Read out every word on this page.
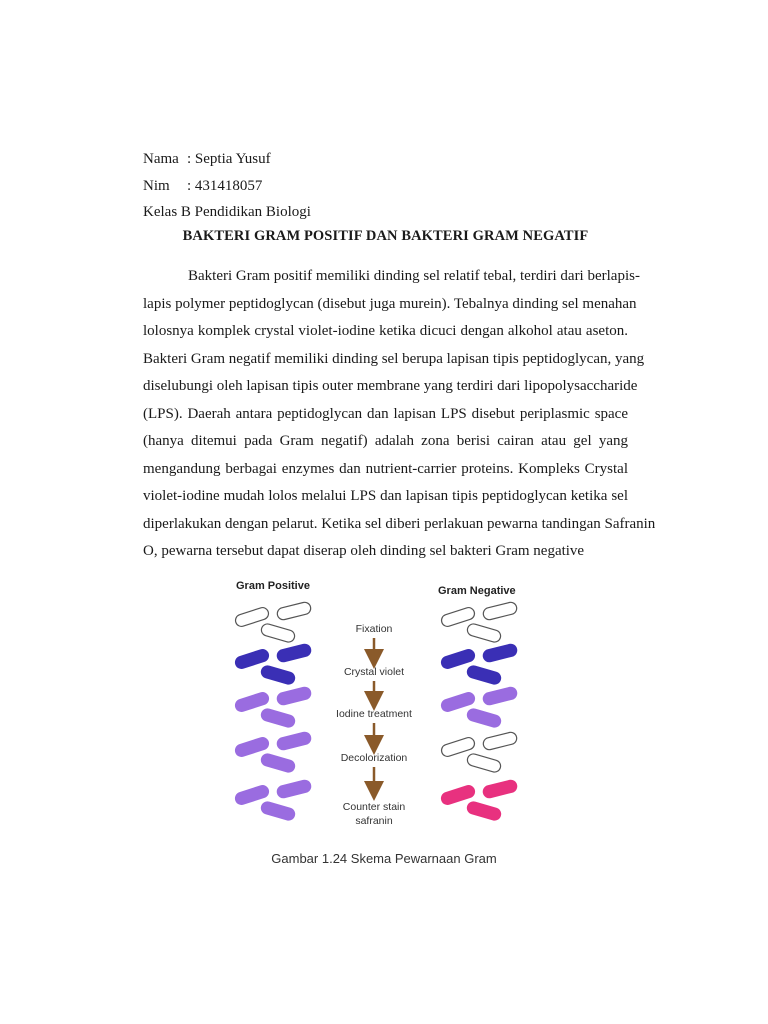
Nama : Septia Yusuf
Nim	: 431418057
Kelas B Pendidikan Biologi
BAKTERI GRAM POSITIF DAN BAKTERI GRAM NEGATIF
Bakteri Gram positif memiliki dinding sel relatif tebal, terdiri dari berlapis-
lapis polymer peptidoglycan (disebut juga murein). Tebalnya dinding sel menahan
lolosnya komplek crystal violet-iodine ketika dicuci dengan alkohol atau aseton.
Bakteri Gram negatif memiliki dinding sel berupa lapisan tipis peptidoglycan, yang
diselubungi oleh lapisan tipis outer membrane yang terdiri dari lipopolysaccharide
(LPS). Daerah antara peptidoglycan dan lapisan LPS disebut periplasmic space
(hanya ditemui pada Gram negatif) adalah zona berisi cairan atau gel yang
mengandung berbagai enzymes dan nutrient-carrier proteins. Kompleks Crystal
violet-iodine mudah lolos melalui LPS dan lapisan tipis peptidoglycan ketika sel
diperlakukan dengan pelarut. Ketika sel diberi perlakuan pewarna tandingan Safranin
O, pewarna tersebut dapat diserap oleh dinding sel bakteri Gram negative
Gram Positive	Gram Negative
Fixation
Crystal violet
Iodine treatment
Decolorization
Counter stain
safranin
Gambar 1.24 Skema Pewarnaan Gram
